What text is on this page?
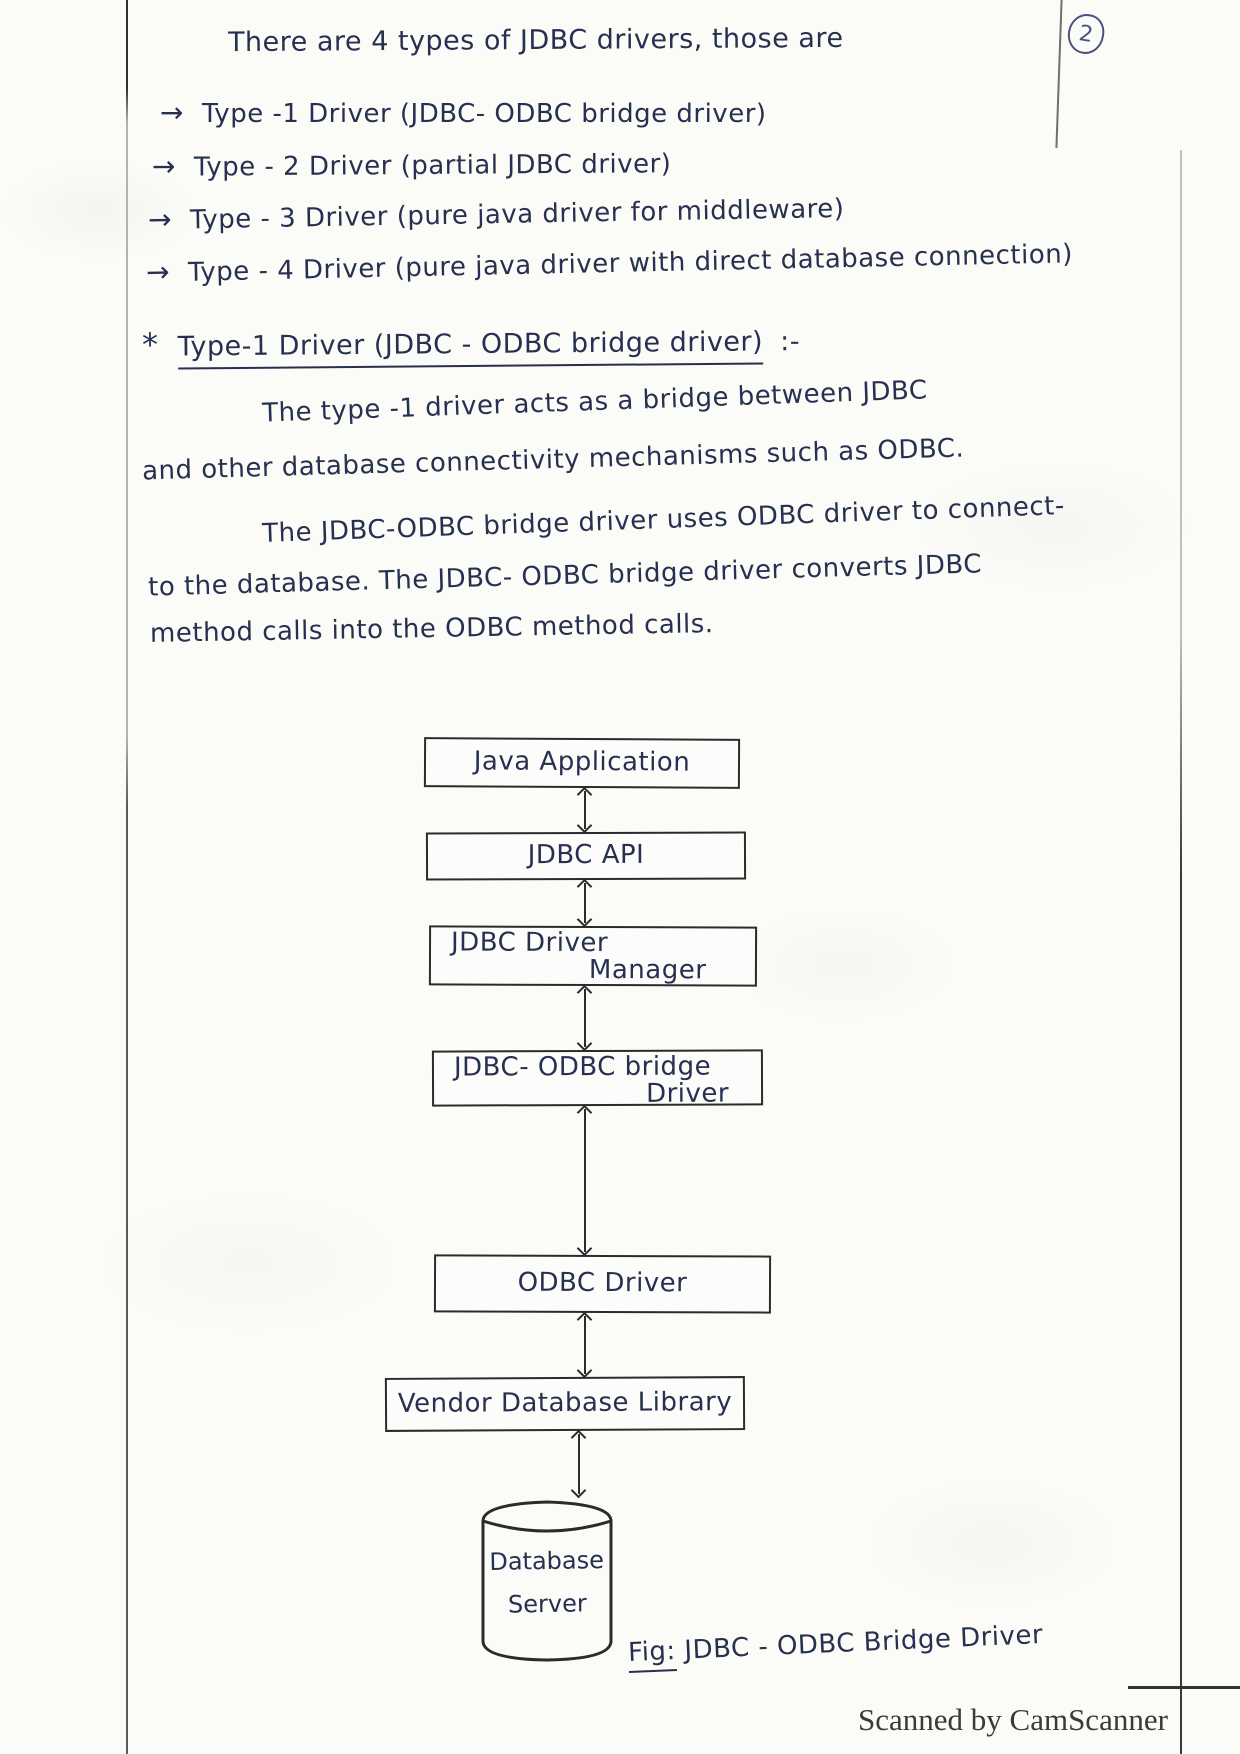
2
There are 4 types of JDBC drivers, those are
→ Type -1 Driver (JDBC- ODBC bridge driver)
→ Type - 2 Driver (partial JDBC driver)
→ Type - 3 Driver (pure java driver for middleware)
→ Type - 4 Driver (pure java driver with direct database connection)
* Type-1 Driver (JDBC - ODBC bridge driver) :-
The type -1 driver acts as a bridge between JDBC
and other database connectivity mechanisms such as ODBC.
The JDBC-ODBC bridge driver uses ODBC driver to connect-
to the database. The JDBC- ODBC bridge driver converts JDBC
method calls into the ODBC method calls.
Java Application
JDBC API
JDBC Driver
Manager
JDBC- ODBC bridge
Driver
ODBC Driver
Vendor Database Library
Database
Server
Fig: JDBC - ODBC Bridge Driver
Scanned by CamScanner
